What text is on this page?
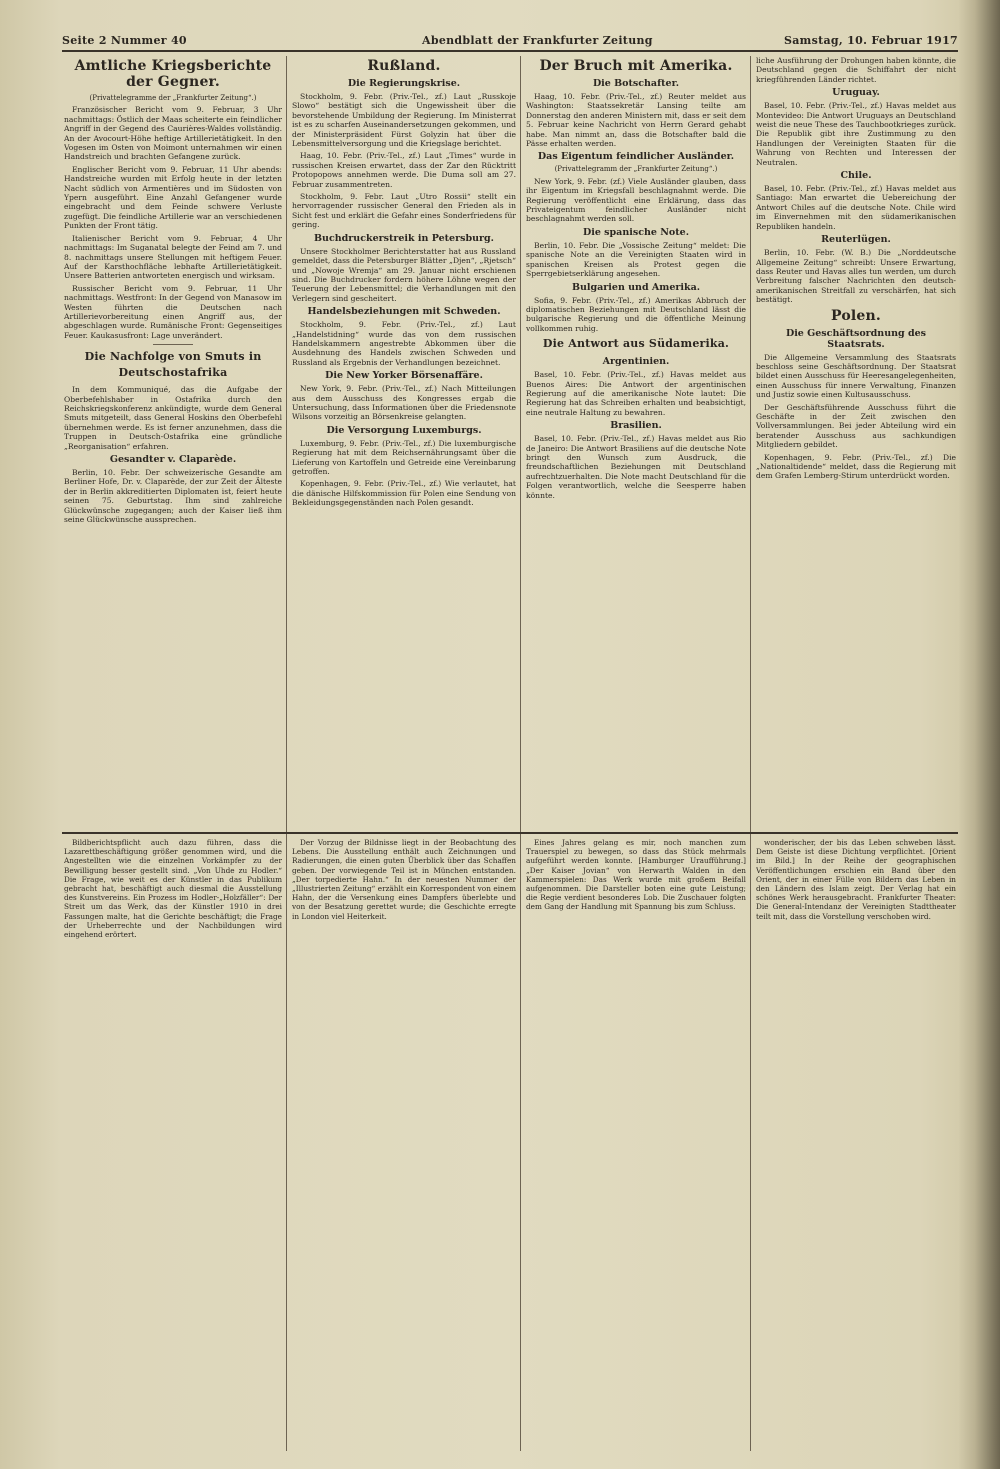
Seite 2 Nummer 40	Abendblatt der Frankfurter Zeitung	Samstag, 10. Februar 1917
Amtliche Kriegsberichte der Gegner.
(Privattelegramme der „Frankfurter Zeitung“.)

Französischer Bericht vom 9. Februar, 3 Uhr nachmittags: Östlich der Maas scheiterte ein feindlicher Angriff in der Gegend des Caurières-Waldes vollständig. An der Avocourt-Höhe heftige Artillerietätigkeit. In den Vogesen im Osten von Moimont unternahmen wir einen Handstreich und brachten Gefangene zurück.

Englischer Bericht vom 9. Februar, 11 Uhr abends: Handstreiche wurden mit Erfolg heute in der letzten Nacht südlich von Armentières und im Südosten von Ypern ausgeführt. Eine Anzahl Gefangener wurde eingebracht und dem Feinde schwere Verluste zugefügt. Die feindliche Artillerie war an verschiedenen Punkten der Front tätig.

Italienischer Bericht vom 9. Februar, 4 Uhr nachmittags: Im Suganatal belegte der Feind am 7. und 8. nachmittags unsere Stellungen mit heftigem Feuer. Auf der Karsthochfläche lebhafte Artillerietätigkeit. Unsere Batterien antworteten energisch und wirksam.

Russischer Bericht vom 9. Februar, 11 Uhr nachmittags. Westfront: In der Gegend von Manasow im Westen führten die Deutschen nach Artillerievorbereitung einen Angriff aus, der abgeschlagen wurde. Rumänische Front: Gegenseitiges Feuer. Kaukasusfront: Lage unverändert.

Die Nachfolge von Smuts in Deutschostafrika

In dem Kommuniqué, das die Aufgabe der Oberbefehlshaber in Ostafrika durch den Reichskriegskonferenz ankündigte, wurde dem General Smuts mitgeteilt, dass General Hoskins den Oberbefehl übernehmen werde. Es ist ferner anzunehmen, dass die Truppen in Deutsch-Ostafrika eine gründliche „Reorganisation“ erfahren.

Gesandter v. Claparède.

Berlin, 10. Febr. Der schweizerische Gesandte am Berliner Hofe, Dr. v. Claparède, der zur Zeit der Älteste der in Berlin akkreditierten Diplomaten ist, feiert heute seinen 75. Geburtstag. Ihm sind zahlreiche Glückwünsche zugegangen; auch der Kaiser ließ ihm seine Glückwünsche aussprechen.

Rußland.
Die Regierungskrise.

Stockholm, 9. Febr. (Priv.-Tel., zf.) Laut „Russkoje Slowo“ bestätigt sich die Ungewissheit über die bevorstehende Umbildung der Regierung. Im Ministerrat ist es zu scharfen Auseinandersetzungen gekommen, und der Ministerpräsident Fürst Golyzin hat über die Lebensmittelversorgung und die Kriegslage berichtet.

Haag, 10. Febr. (Priv.-Tel., zf.) Laut „Times“ wurde in russischen Kreisen erwartet, dass der Zar den Rücktritt Protopopows annehmen werde. Die Duma soll am 27. Februar zusammentreten.

Stockholm, 9. Febr. Laut „Utro Rossii“ stellt ein hervorragender russischer General den Frieden als in Sicht fest und erklärt die Gefahr eines Sonderfriedens für gering.

Buchdruckerstreik in Petersburg.

Unsere Stockholmer Berichterstatter hat aus Russland gemeldet, dass die Petersburger Blätter „Djen“, „Rjetsch“ und „Nowoje Wremja“ am 29. Januar nicht erschienen sind. Die Buchdrucker fordern höhere Löhne wegen der Teuerung der Lebensmittel; die Verhandlungen mit den Verlegern sind gescheitert.

Handelsbeziehungen mit Schweden.

Stockholm, 9. Febr. (Priv.-Tel., zf.) Laut „Handelstidning“ wurde das von dem russischen Handelskammern angestrebte Abkommen über die Ausdehnung des Handels zwischen Schweden und Russland als Ergebnis der Verhandlungen bezeichnet.

Die New Yorker Börsenaffäre.

New York, 9. Febr. (Priv.-Tel., zf.) Nach Mitteilungen aus dem Ausschuss des Kongresses ergab die Untersuchung, dass Informationen über die Friedensnote Wilsons vorzeitig an Börsenkreise gelangten.

Die Versorgung Luxemburgs.

Luxemburg, 9. Febr. (Priv.-Tel., zf.) Die luxemburgische Regierung hat mit dem Reichsernährungsamt über die Lieferung von Kartoffeln und Getreide eine Vereinbarung getroffen.

Kopenhagen, 9. Febr. (Priv.-Tel., zf.) Wie verlautet, hat die dänische Hilfskommission für Polen eine Sendung von Bekleidungsgegenständen nach Polen gesandt.

Der Bruch mit Amerika.
Die Botschafter.

Haag, 10. Febr. (Priv.-Tel., zf.) Reuter meldet aus Washington: Staatssekretär Lansing teilte am Donnerstag den anderen Ministern mit, dass er seit dem 5. Februar keine Nachricht von Herrn Gerard gehabt habe. Man nimmt an, dass die Botschafter bald die Pässe erhalten werden.

Das Eigentum feindlicher Ausländer.
(Privattelegramm der „Frankfurter Zeitung“.)

New York, 9. Febr. (zf.) Viele Ausländer glauben, dass ihr Eigentum im Kriegsfall beschlagnahmt werde. Die Regierung veröffentlicht eine Erklärung, dass das Privateigentum feindlicher Ausländer nicht beschlagnahmt werden soll.

Die spanische Note.

Berlin, 10. Febr. Die „Vossische Zeitung“ meldet: Die spanische Note an die Vereinigten Staaten wird in spanischen Kreisen als Protest gegen die Sperrgebietserklärung angesehen.

Bulgarien und Amerika.

Sofia, 9. Febr. (Priv.-Tel., zf.) Amerikas Abbruch der diplomatischen Beziehungen mit Deutschland lässt die bulgarische Regierung und die öffentliche Meinung vollkommen ruhig.

Die Antwort aus Südamerika.
Argentinien.

Basel, 10. Febr. (Priv.-Tel., zf.) Havas meldet aus Buenos Aires: Die Antwort der argentinischen Regierung auf die amerikanische Note lautet: Die Regierung hat das Schreiben erhalten und beabsichtigt, eine neutrale Haltung zu bewahren.

Brasilien.

Basel, 10. Febr. (Priv.-Tel., zf.) Havas meldet aus Rio de Janeiro: Die Antwort Brasiliens auf die deutsche Note bringt den Wunsch zum Ausdruck, die freundschaftlichen Beziehungen mit Deutschland aufrechtzuerhalten. Die Note macht Deutschland für die Folgen verantwortlich, welche die Seesperre haben könnte.

liche Ausführung der Drohungen haben könnte, die Deutschland gegen die Schiffahrt der nicht kriegführenden Länder richtet.

Uruguay.

Basel, 10. Febr. (Priv.-Tel., zf.) Havas meldet aus Montevideo: Die Antwort Uruguays an Deutschland weist die neue These des Tauchbootkrieges zurück. Die Republik gibt ihre Zustimmung zu den Handlungen der Vereinigten Staaten für die Wahrung von Rechten und Interessen der Neutralen.

Chile.

Basel, 10. Febr. (Priv.-Tel., zf.) Havas meldet aus Santiago: Man erwartet die Uebereichung der Antwort Chiles auf die deutsche Note. Chile wird im Einvernehmen mit den südamerikanischen Republiken handeln.

Reuterlügen.

Berlin, 10. Febr. (W. B.) Die „Norddeutsche Allgemeine Zeitung“ schreibt: Unsere Erwartung, dass Reuter und Havas alles tun werden, um durch Verbreitung falscher Nachrichten den deutsch-amerikanischen Streitfall zu verschärfen, hat sich bestätigt.

Polen.
Die Geschäftsordnung des Staatsrats.

Die Allgemeine Versammlung des Staatsrats beschloss seine Geschäftsordnung. Der Staatsrat bildet einen Ausschuss für Heeresangelegenheiten, einen Ausschuss für innere Verwaltung, Finanzen und Justiz sowie einen Kultusausschuss.

Der Geschäftsführende Ausschuss führt die Geschäfte in der Zeit zwischen den Vollversammlungen. Bei jeder Abteilung wird ein beratender Ausschuss aus sachkundigen Mitgliedern gebildet.

Kopenhagen, 9. Febr. (Priv.-Tel., zf.) Die „Nationaltidende“ meldet, dass die Regierung mit dem Grafen Lemberg-Stirum unterdrückt worden.

Bildberichtspflicht auch dazu führen, dass die Lazarettbeschäftigung größer genommen wird, und die Angestellten wie die einzelnen Vorkämpfer zu der Bewilligung besser gestellt sind. „Von Uhde zu Hodler.“ Die Frage, wie weit es der Künstler in das Publikum gebracht hat, beschäftigt auch diesmal die Ausstellung des Kunstvereins. Ein Prozess im Hodler-„Holzfäller“: Der Streit um das Werk, das der Künstler 1910 in drei Fassungen malte, hat die Gerichte beschäftigt; die Frage der Urheberrechte und der Nachbildungen wird eingehend erörtert.

Der Vorzug der Bildnisse liegt in der Beobachtung des Lebens. Die Ausstellung enthält auch Zeichnungen und Radierungen, die einen guten Überblick über das Schaffen geben. Der vorwiegende Teil ist in München entstanden. „Der torpedierte Hahn.“ In der neuesten Nummer der „Illustrierten Zeitung“ erzählt ein Korrespondent von einem Hahn, der die Versenkung eines Dampfers überlebte und von der Besatzung gerettet wurde; die Geschichte erregte in London viel Heiterkeit.

Eines Jahres gelang es mir, noch manchen zum Trauerspiel zu bewegen, so dass das Stück mehrmals aufgeführt werden konnte. [Hamburger Uraufführung.] „Der Kaiser Jovian“ von Herwarth Walden in den Kammerspielen: Das Werk wurde mit großem Beifall aufgenommen. Die Darsteller boten eine gute Leistung; die Regie verdient besonderes Lob. Die Zuschauer folgten dem Gang der Handlung mit Spannung bis zum Schluss.

wonderischer, der bis das Leben schweben lässt. Dem Geiste ist diese Dichtung verpflichtet. [Orient im Bild.] In der Reihe der geographischen Veröffentlichungen erschien ein Band über den Orient, der in einer Fülle von Bildern das Leben in den Ländern des Islam zeigt. Der Verlag hat ein schönes Werk herausgebracht. Frankfurter Theater: Die General-Intendanz der Vereinigten Stadttheater teilt mit, dass die Vorstellung verschoben wird.
